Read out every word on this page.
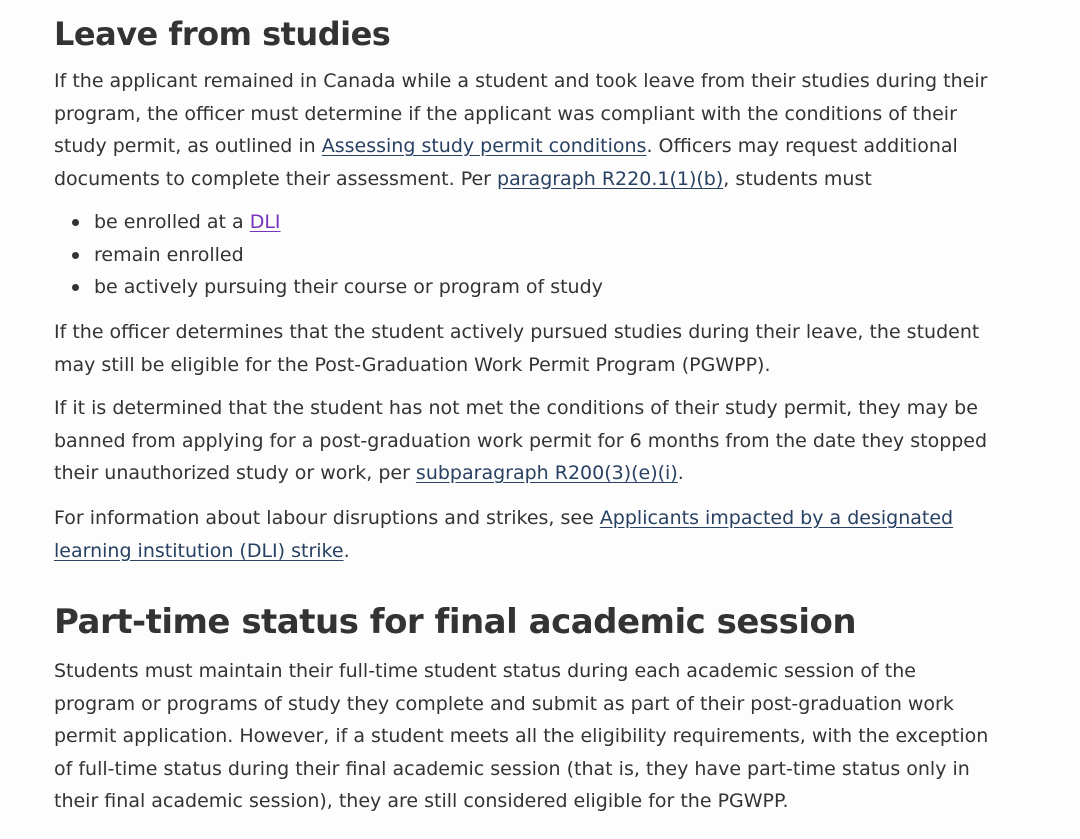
Leave from studies

If the applicant remained in Canada while a student and took leave from their studies during their program, the officer must determine if the applicant was compliant with the conditions of their study permit, as outlined in Assessing study permit conditions. Officers may request additional documents to complete their assessment. Per paragraph R220.1(1)(b), students must

be enrolled at a DLI
remain enrolled
be actively pursuing their course or program of study

If the officer determines that the student actively pursued studies during their leave, the student may still be eligible for the Post-Graduation Work Permit Program (PGWPP).

If it is determined that the student has not met the conditions of their study permit, they may be banned from applying for a post-graduation work permit for 6 months from the date they stopped their unauthorized study or work, per subparagraph R200(3)(e)(i).

For information about labour disruptions and strikes, see Applicants impacted by a designated learning institution (DLI) strike.

Part-time status for final academic session

Students must maintain their full-time student status during each academic session of the program or programs of study they complete and submit as part of their post-graduation work permit application. However, if a student meets all the eligibility requirements, with the exception of full-time status during their final academic session (that is, they have part-time status only in their final academic session), they are still considered eligible for the PGWPP.
